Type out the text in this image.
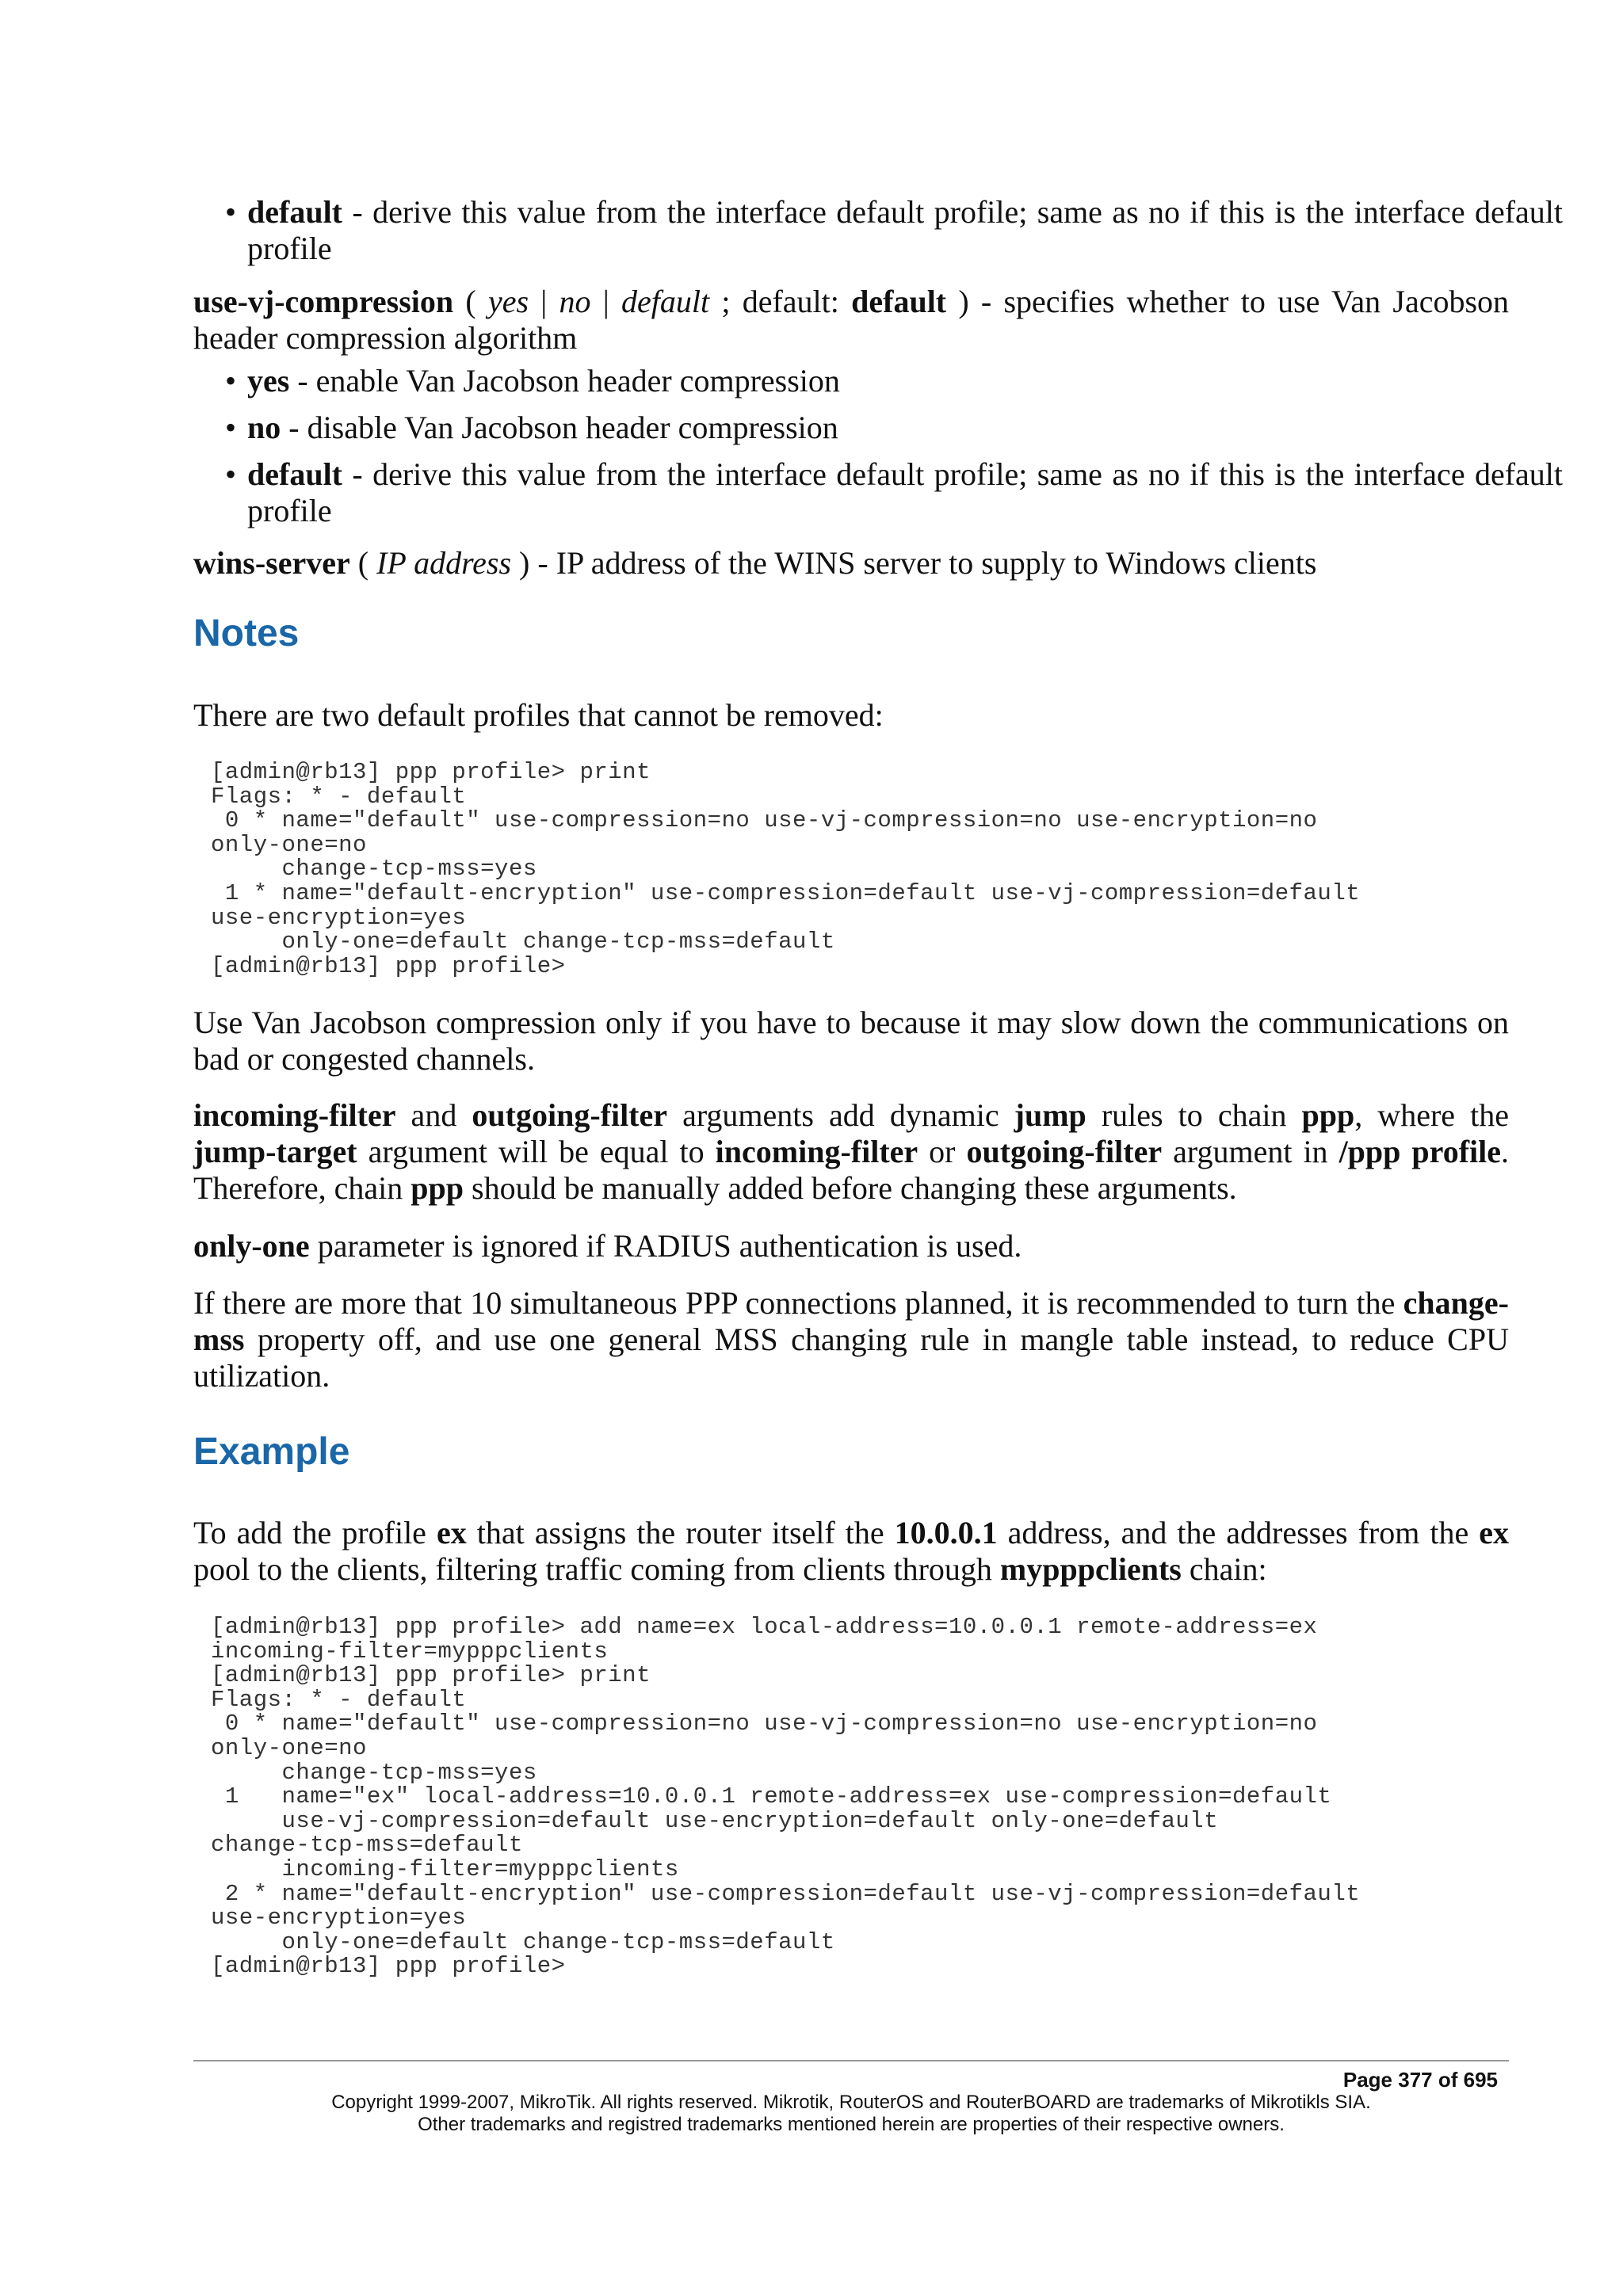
• default - derive this value from the interface default profile; same as no if this is the interface default profile

use-vj-compression ( yes | no | default ; default: default ) - specifies whether to use Van Jacobson header compression algorithm

• yes - enable Van Jacobson header compression
• no - disable Van Jacobson header compression
• default - derive this value from the interface default profile; same as no if this is the interface default profile

wins-server ( IP address ) - IP address of the WINS server to supply to Windows clients

Notes

There are two default profiles that cannot be removed:

[admin@rb13] ppp profile> print
Flags: * - default
0 * name="default" use-compression=no use-vj-compression=no use-encryption=no
only-one=no
change-tcp-mss=yes
1 * name="default-encryption" use-compression=default use-vj-compression=default
use-encryption=yes
only-one=default change-tcp-mss=default
[admin@rb13] ppp profile>

Use Van Jacobson compression only if you have to because it may slow down the communications on bad or congested channels.

incoming-filter and outgoing-filter arguments add dynamic jump rules to chain ppp, where the jump-target argument will be equal to incoming-filter or outgoing-filter argument in /ppp profile. Therefore, chain ppp should be manually added before changing these arguments.

only-one parameter is ignored if RADIUS authentication is used.

If there are more that 10 simultaneous PPP connections planned, it is recommended to turn the change-mss property off, and use one general MSS changing rule in mangle table instead, to reduce CPU utilization.

Example

To add the profile ex that assigns the router itself the 10.0.0.1 address, and the addresses from the ex pool to the clients, filtering traffic coming from clients through mypppclients chain:

[admin@rb13] ppp profile> add name=ex local-address=10.0.0.1 remote-address=ex
incoming-filter=mypppclients
[admin@rb13] ppp profile> print
Flags: * - default
0 * name="default" use-compression=no use-vj-compression=no use-encryption=no
only-one=no
change-tcp-mss=yes
1   name="ex" local-address=10.0.0.1 remote-address=ex use-compression=default
use-vj-compression=default use-encryption=default only-one=default
change-tcp-mss=default
incoming-filter=mypppclients
2 * name="default-encryption" use-compression=default use-vj-compression=default
use-encryption=yes
only-one=default change-tcp-mss=default
[admin@rb13] ppp profile>
Page 377 of 695
Copyright 1999-2007, MikroTik. All rights reserved. Mikrotik, RouterOS and RouterBOARD are trademarks of Mikrotikls SIA.
Other trademarks and registred trademarks mentioned herein are properties of their respective owners.
